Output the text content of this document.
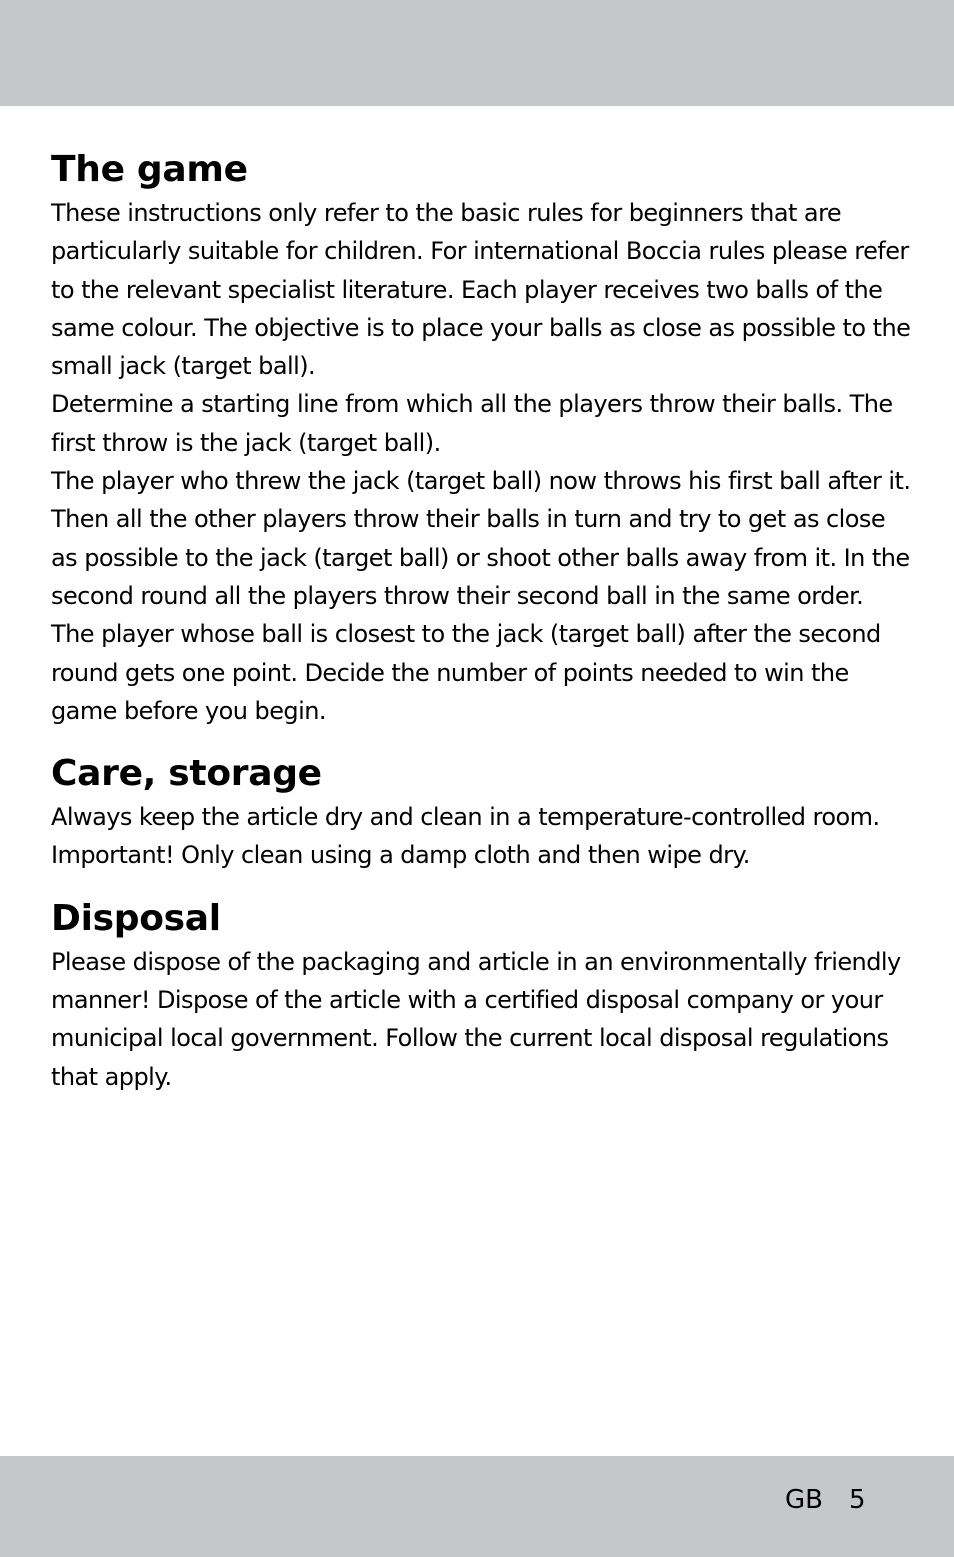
The game

These instructions only refer to the basic rules for beginners that are particularly suitable for children. For international Boccia rules please refer to the relevant specialist literature. Each player receives two balls of the same colour. The objective is to place your balls as close as possible to the small jack (target ball).

Determine a starting line from which all the players throw their balls. The first throw is the jack (target ball).

The player who threw the jack (target ball) now throws his first ball after it. Then all the other players throw their balls in turn and try to get as close as possible to the jack (target ball) or shoot other balls away from it. In the second round all the players throw their second ball in the same order. The player whose ball is closest to the jack (target ball) after the second round gets one point. Decide the number of points needed to win the game before you begin.

Care, storage

Always keep the article dry and clean in a temperature-controlled room. Important! Only clean using a damp cloth and then wipe dry.

Disposal

Please dispose of the packaging and article in an environmentally friendly manner! Dispose of the article with a certified disposal company or your municipal local government. Follow the current local disposal regulations that apply.

GB 5
